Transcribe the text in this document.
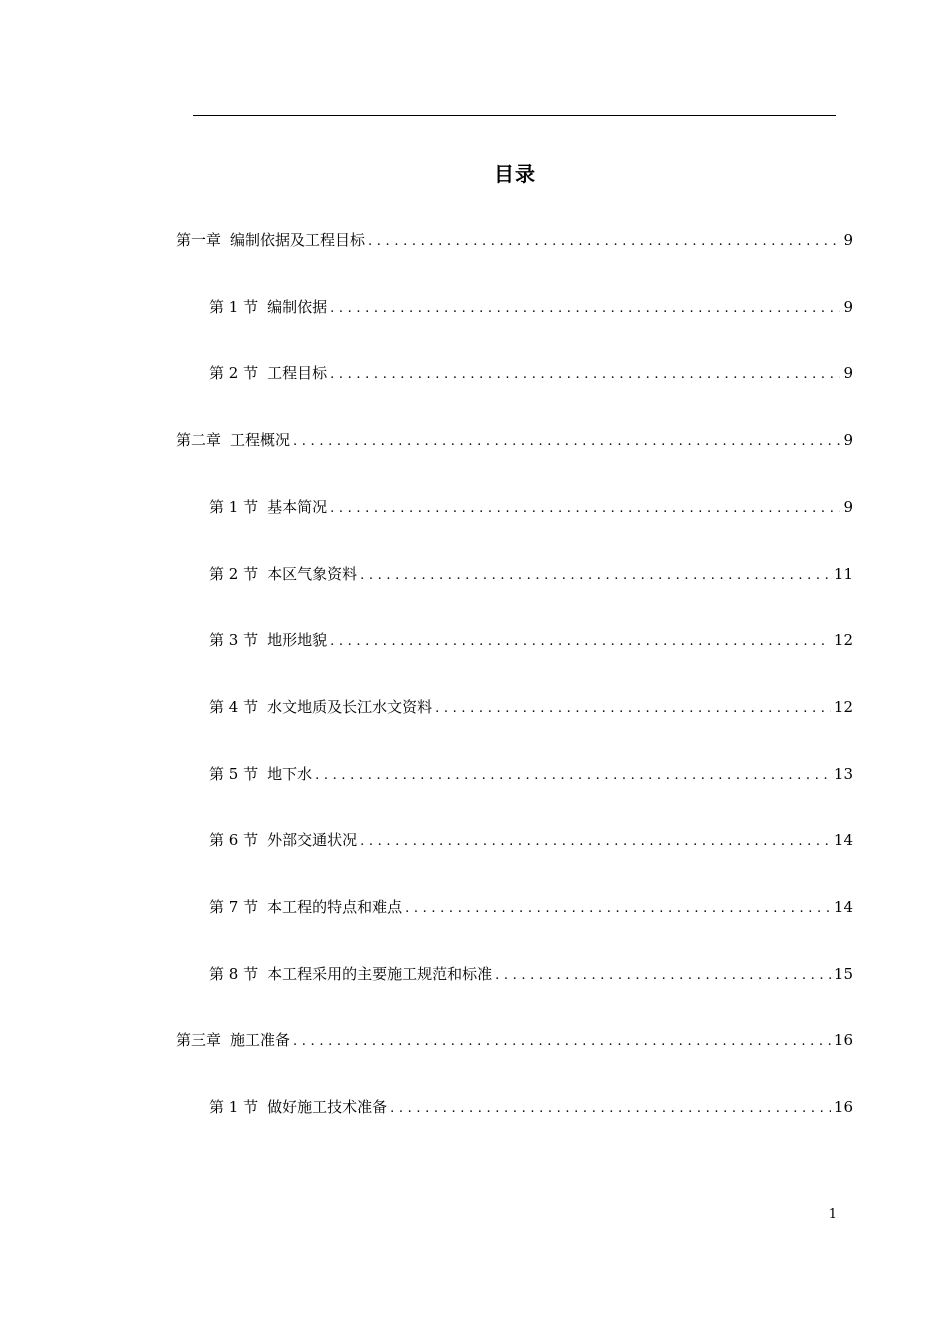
目录
第一章 编制依据及工程目标 . . .	9
第 1 节 编制依据 . . .	9
第 2 节 工程目标 . . .	9
第二章 工程概况 . . .	9
第 1 节 基本简况 . . .	9
第 2 节 本区气象资料 . . .	11
第 3 节 地形地貌 . . .	12
第 4 节 水文地质及长江水文资料 . . .	12
第 5 节 地下水 . . .	13
第 6 节 外部交通状况 . . .	14
第 7 节 本工程的特点和难点 . . .	14
第 8 节 本工程采用的主要施工规范和标准 . . .	15
第三章 施工准备 . . .	16
第 1 节 做好施工技术准备 . . .	16
1
